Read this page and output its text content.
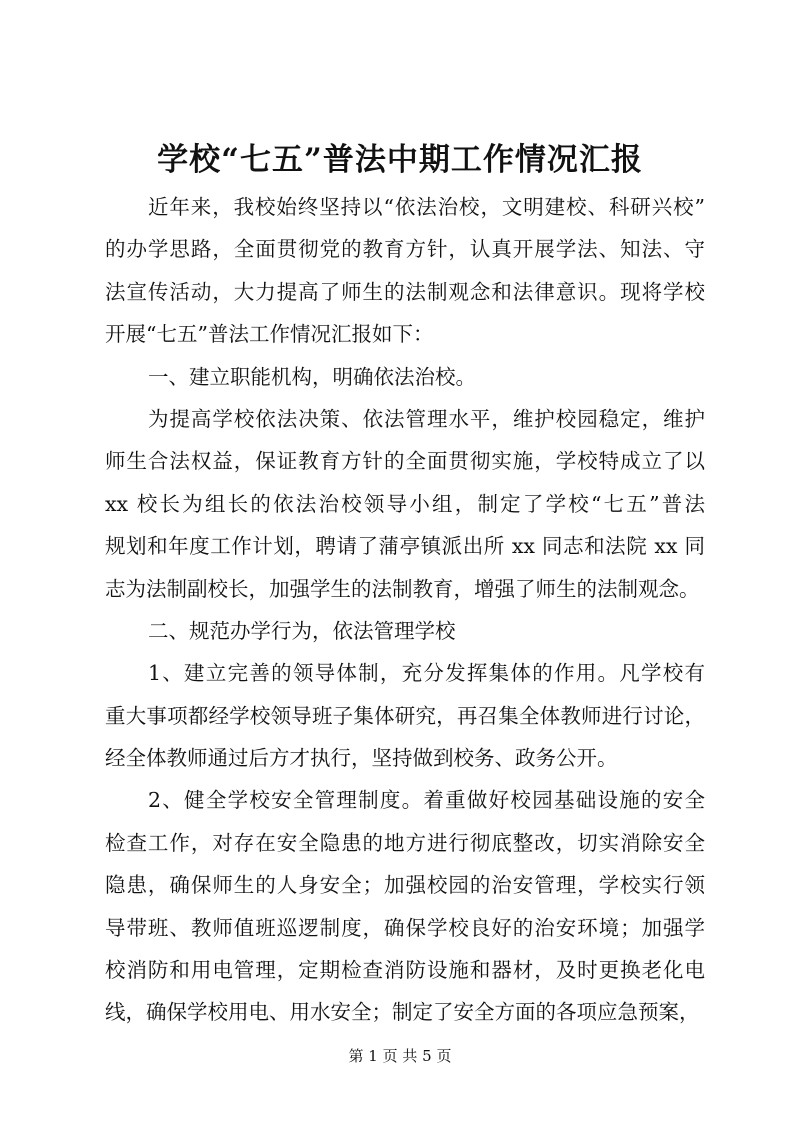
学校“七五”普法中期工作情况汇报
近年来，我校始终坚持以“依法治校，文明建校、科研兴校”
的办学思路，全面贯彻党的教育方针，认真开展学法、知法、守
法宣传活动，大力提高了师生的法制观念和法律意识。现将学校
开展“七五”普法工作情况汇报如下：
一、建立职能机构，明确依法治校。
为提高学校依法决策、依法管理水平，维护校园稳定，维护
师生合法权益，保证教育方针的全面贯彻实施，学校特成立了以
xx 校长为组长的依法治校领导小组，制定了学校“七五”普法
规划和年度工作计划，聘请了蒲亭镇派出所 xx 同志和法院 xx 同
志为法制副校长，加强学生的法制教育，增强了师生的法制观念。
二、规范办学行为，依法管理学校
1、建立完善的领导体制，充分发挥集体的作用。凡学校有
重大事项都经学校领导班子集体研究，再召集全体教师进行讨论，
经全体教师通过后方才执行，坚持做到校务、政务公开。
2、健全学校安全管理制度。着重做好校园基础设施的安全
检查工作，对存在安全隐患的地方进行彻底整改，切实消除安全
隐患，确保师生的人身安全；加强校园的治安管理，学校实行领
导带班、教师值班巡逻制度，确保学校良好的治安环境；加强学
校消防和用电管理，定期检查消防设施和器材，及时更换老化电
线，确保学校用电、用水安全；制定了安全方面的各项应急预案，
第 1 页 共 5 页
